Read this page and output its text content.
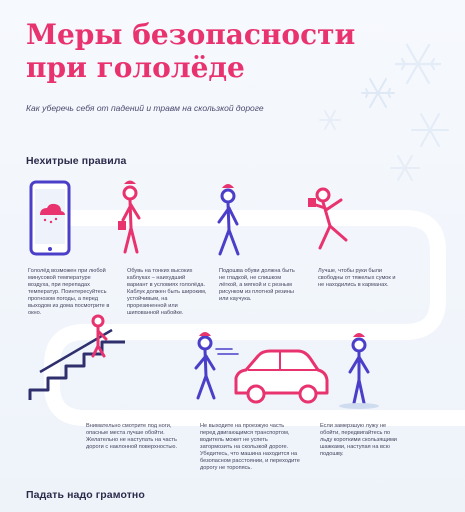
Меры безопасности при гололёде
Как уберечь себя от падений и травм на скользкой дороге
Нехитрые правила
Гололёд возможен при любой минусовой температуре воздуха, при перепадах температур. Поинтересуйтесь прогнозом погоды, а перед выходом из дома посмотрите в окно.
Обувь на тонких высоких каблуках – наихудший вариант в условиях гололёда. Каблук должен быть широким, устойчивым, на прорезиненной или шипованной набойке.
Подошва обуви должна быть не гладкой, не слишком лёгкой, а мягкой и с резным рисунком из плотной резины или каучука.
Лучше, чтобы руки были свободны от тяжелых сумок и не находились в карманах.
Внимательно смотрите под ноги, опасные места лучше обойти. Желательно не наступать на часть дороги с наклонной поверхностью.
Не выходите на проезжую часть перед двигающимся транспортом, водитель может не успеть затормозить на скользкой дороге. Убедитесь, что машина находится на безопасном расстоянии, и переходите дорогу не торопясь.
Если замерзшую лужу не обойти, передвигайтесь по льду короткими скользящими шажками, наступая на всю подошву.
Падать надо грамотно
